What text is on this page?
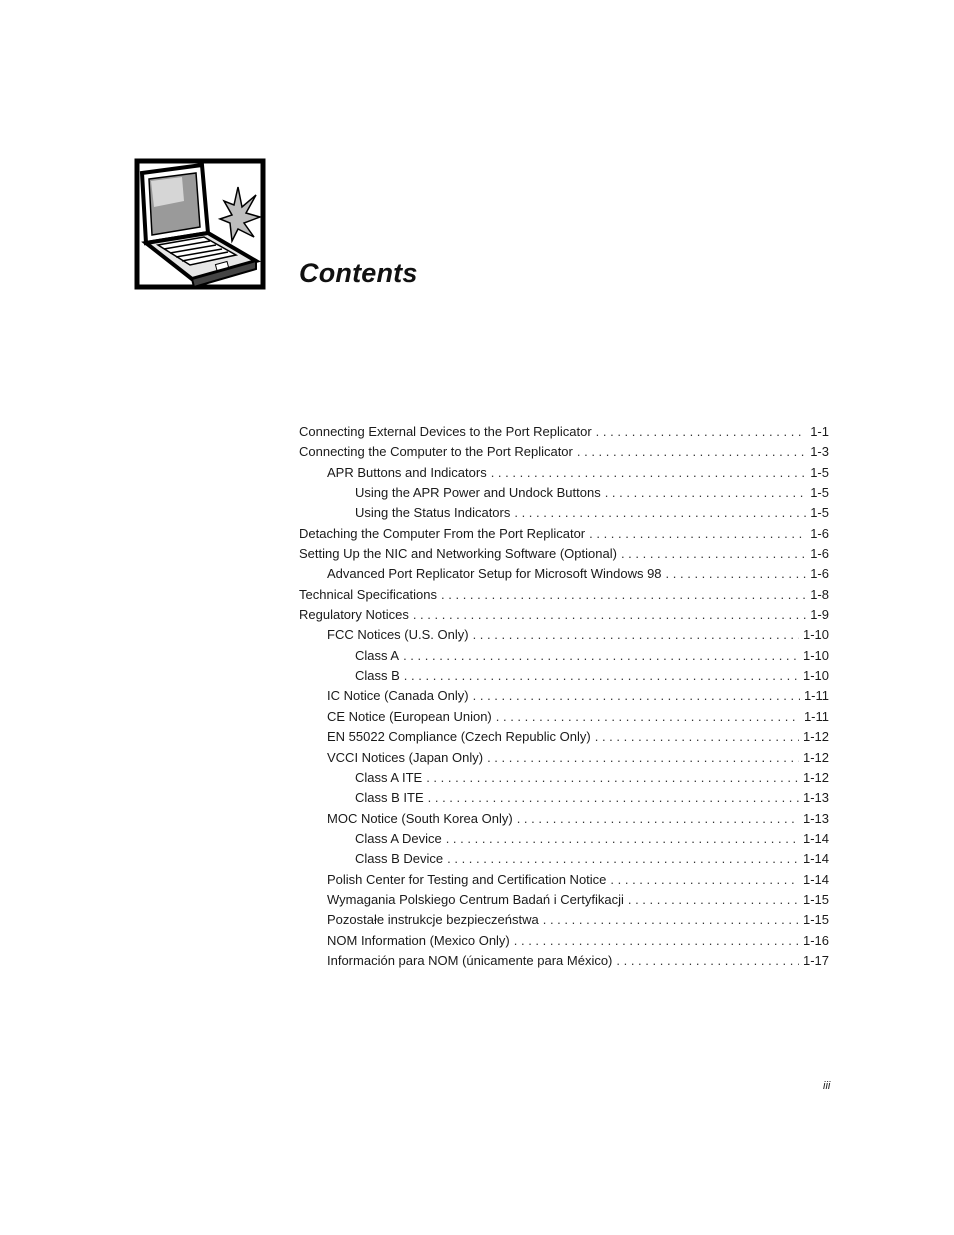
Contents
Connecting External Devices to the Port Replicator . . .	1-1
Connecting the Computer to the Port Replicator . . .	1-3
APR Buttons and Indicators . . .	1-5
Using the APR Power and Undock Buttons . . .	1-5
Using the Status Indicators . . .	1-5
Detaching the Computer From the Port Replicator . . .	1-6
Setting Up the NIC and Networking Software (Optional) . . .	1-6
Advanced Port Replicator Setup for Microsoft Windows 98 . . .	1-6
Technical Specifications . . .	1-8
Regulatory Notices . . .	1-9
FCC Notices (U.S. Only) . . .	1-10
Class A . . .	1-10
Class B . . .	1-10
IC Notice (Canada Only) . . .	1-11
CE Notice (European Union) . . .	1-11
EN 55022 Compliance (Czech Republic Only) . . .	1-12
VCCI Notices (Japan Only) . . .	1-12
Class A ITE . . .	1-12
Class B ITE . . .	1-13
MOC Notice (South Korea Only) . . .	1-13
Class A Device . . .	1-14
Class B Device . . .	1-14
Polish Center for Testing and Certification Notice . . .	1-14
Wymagania Polskiego Centrum Badań i Certyfikacji . . .	1-15
Pozostałe instrukcje bezpieczeństwa . . .	1-15
NOM Information (Mexico Only) . . .	1-16
Información para NOM (únicamente para México) . . .	1-17
iii
